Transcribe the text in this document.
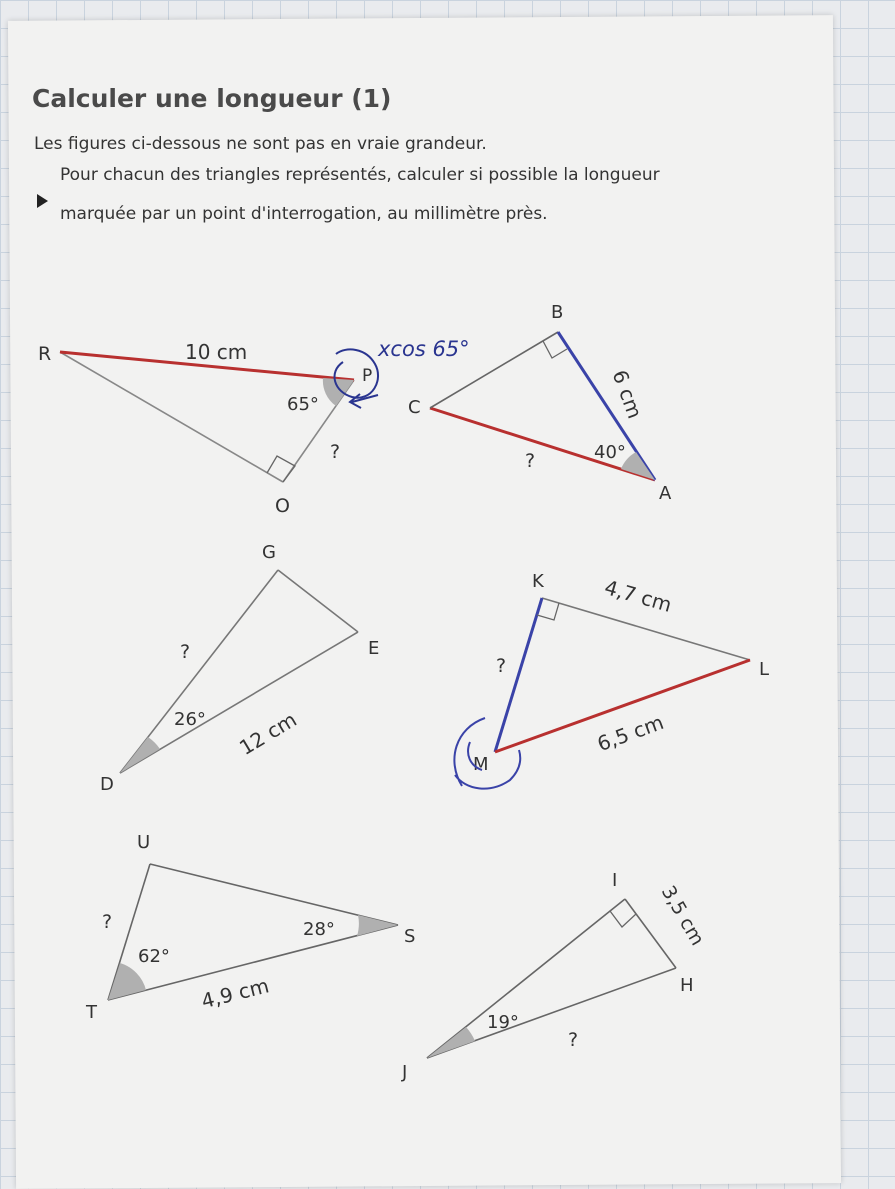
Calculer une longueur (1)

Les figures ci-dessous ne sont pas en vraie grandeur.

Pour chacun des triangles représentés, calculer si possible la longueur

marquée par un point d'interrogation, au millimètre près.

R
P
O
10 cm
65°
?
xcos 65°
B
C
A
6 cm
40°
?
G
E
D
12 cm
26°
?
K
L
M
4,7 cm
6,5 cm
?
U
S
T	4,9 cm
28°
62°
?
I
H
J
3,5 cm
19°
?
